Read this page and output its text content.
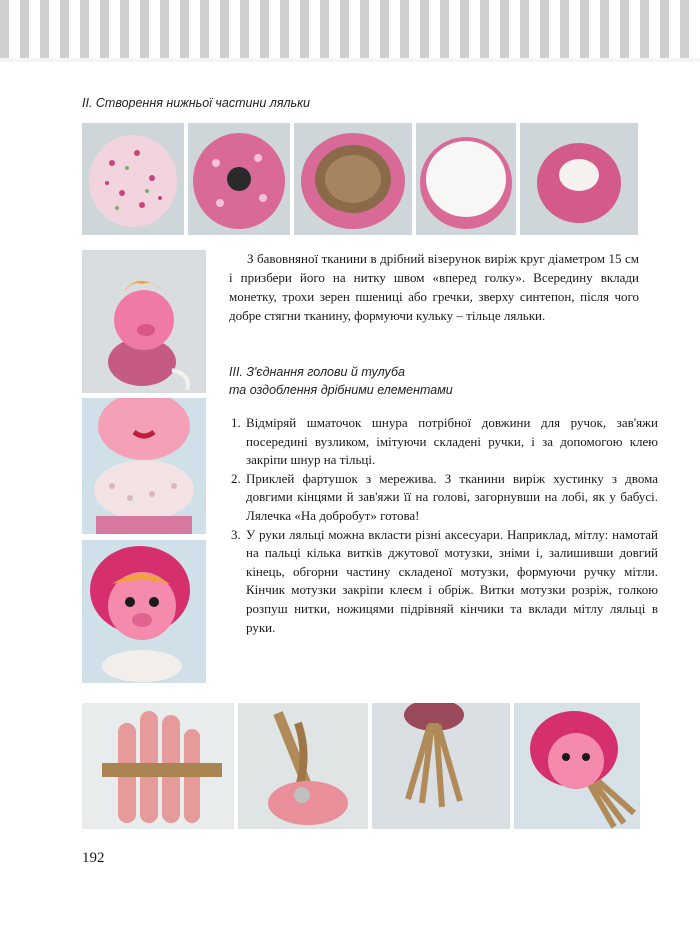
II. Створення нижньої частини ляльки

З бавовняної тканини в дрібний візерунок виріж круг діаметром 15 см і призбери його на нитку швом «вперед голку». Всередину вклади монетку, трохи зерен пшениці або гречки, зверху синтепон, після чого добре стягни тканину, формуючи кульку – тільце ляльки.

III. З'єднання голови й тулуба
та оздоблення дрібними елементами
1. Відміряй шматочок шнура потрібної довжини для ручок, зав'яжи посередині вузликом, імітуючи складені ручки, і за допомогою клею закріпи шнур на тільці.
2. Приклей фартушок з мереживa. З тканини виріж хустинку з двома довгими кінцями й зав'яжи її на голові, загорнувши на лобі, як у бабусі. Лялечка «На добробут» готова!
3. У руки ляльці можна вкласти різні аксесуари. Наприклад, мітлу: намотай на пальці кілька витків джутової мотузки, зніми і, залишивши довгий кінець, обгорни частину складеної мотузки, формуючи ручку мітли. Кінчик мотузки закріпи клеєм і обріж. Витки мотузки розріж, голкою розпуш нитки, ножицями підрівняй кінчики та вклади мітлу ляльці в руки.
192
